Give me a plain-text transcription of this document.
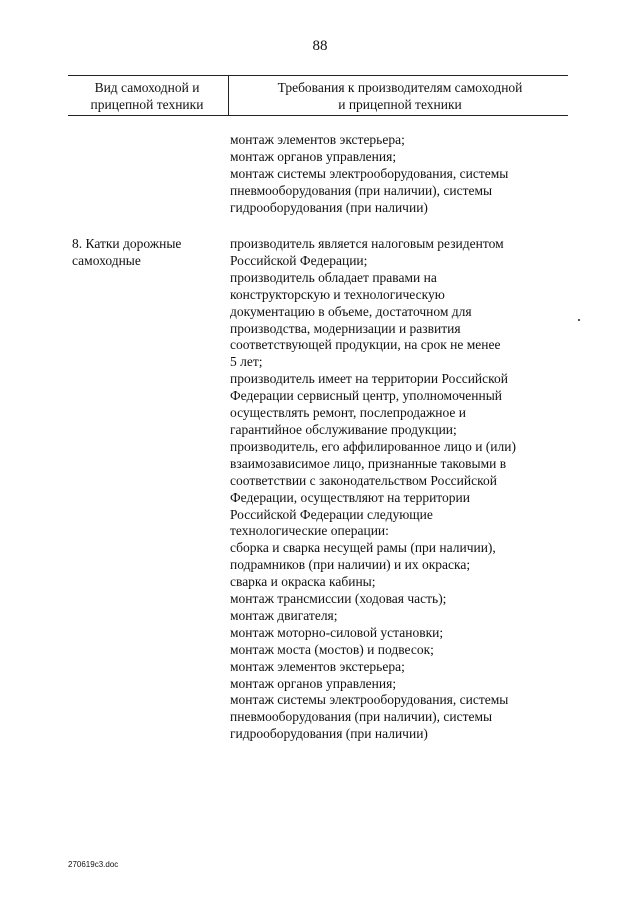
88
Вид самоходной и
прицепной техники
Требования к производителям самоходной
и прицепной техники
монтаж элементов экстерьера;
монтаж органов управления;
монтаж системы электрооборудования, системы
пневмооборудования (при наличии), системы
гидрооборудования (при наличии)
8. Катки дорожные
самоходные
производитель является налоговым резидентом
Российской Федерации;
производитель обладает правами на
конструкторскую и технологическую
документацию в объеме, достаточном для
производства, модернизации и развития
соответствующей продукции, на срок не менее
5 лет;
производитель имеет на территории Российской
Федерации сервисный центр, уполномоченный
осуществлять ремонт, послепродажное и
гарантийное обслуживание продукции;
производитель, его аффилированное лицо и (или)
взаимозависимое лицо, признанные таковыми в
соответствии с законодательством Российской
Федерации, осуществляют на территории
Российской Федерации следующие
технологические операции:
сборка и сварка несущей рамы (при наличии),
подрамников (при наличии) и их окраска;
сварка и окраска кабины;
монтаж трансмиссии (ходовая часть);
монтаж двигателя;
монтаж моторно-силовой установки;
монтаж моста (мостов) и подвесок;
монтаж элементов экстерьера;
монтаж органов управления;
монтаж системы электрооборудования, системы
пневмооборудования (при наличии), системы
гидрооборудования (при наличии)
270619c3.doc
